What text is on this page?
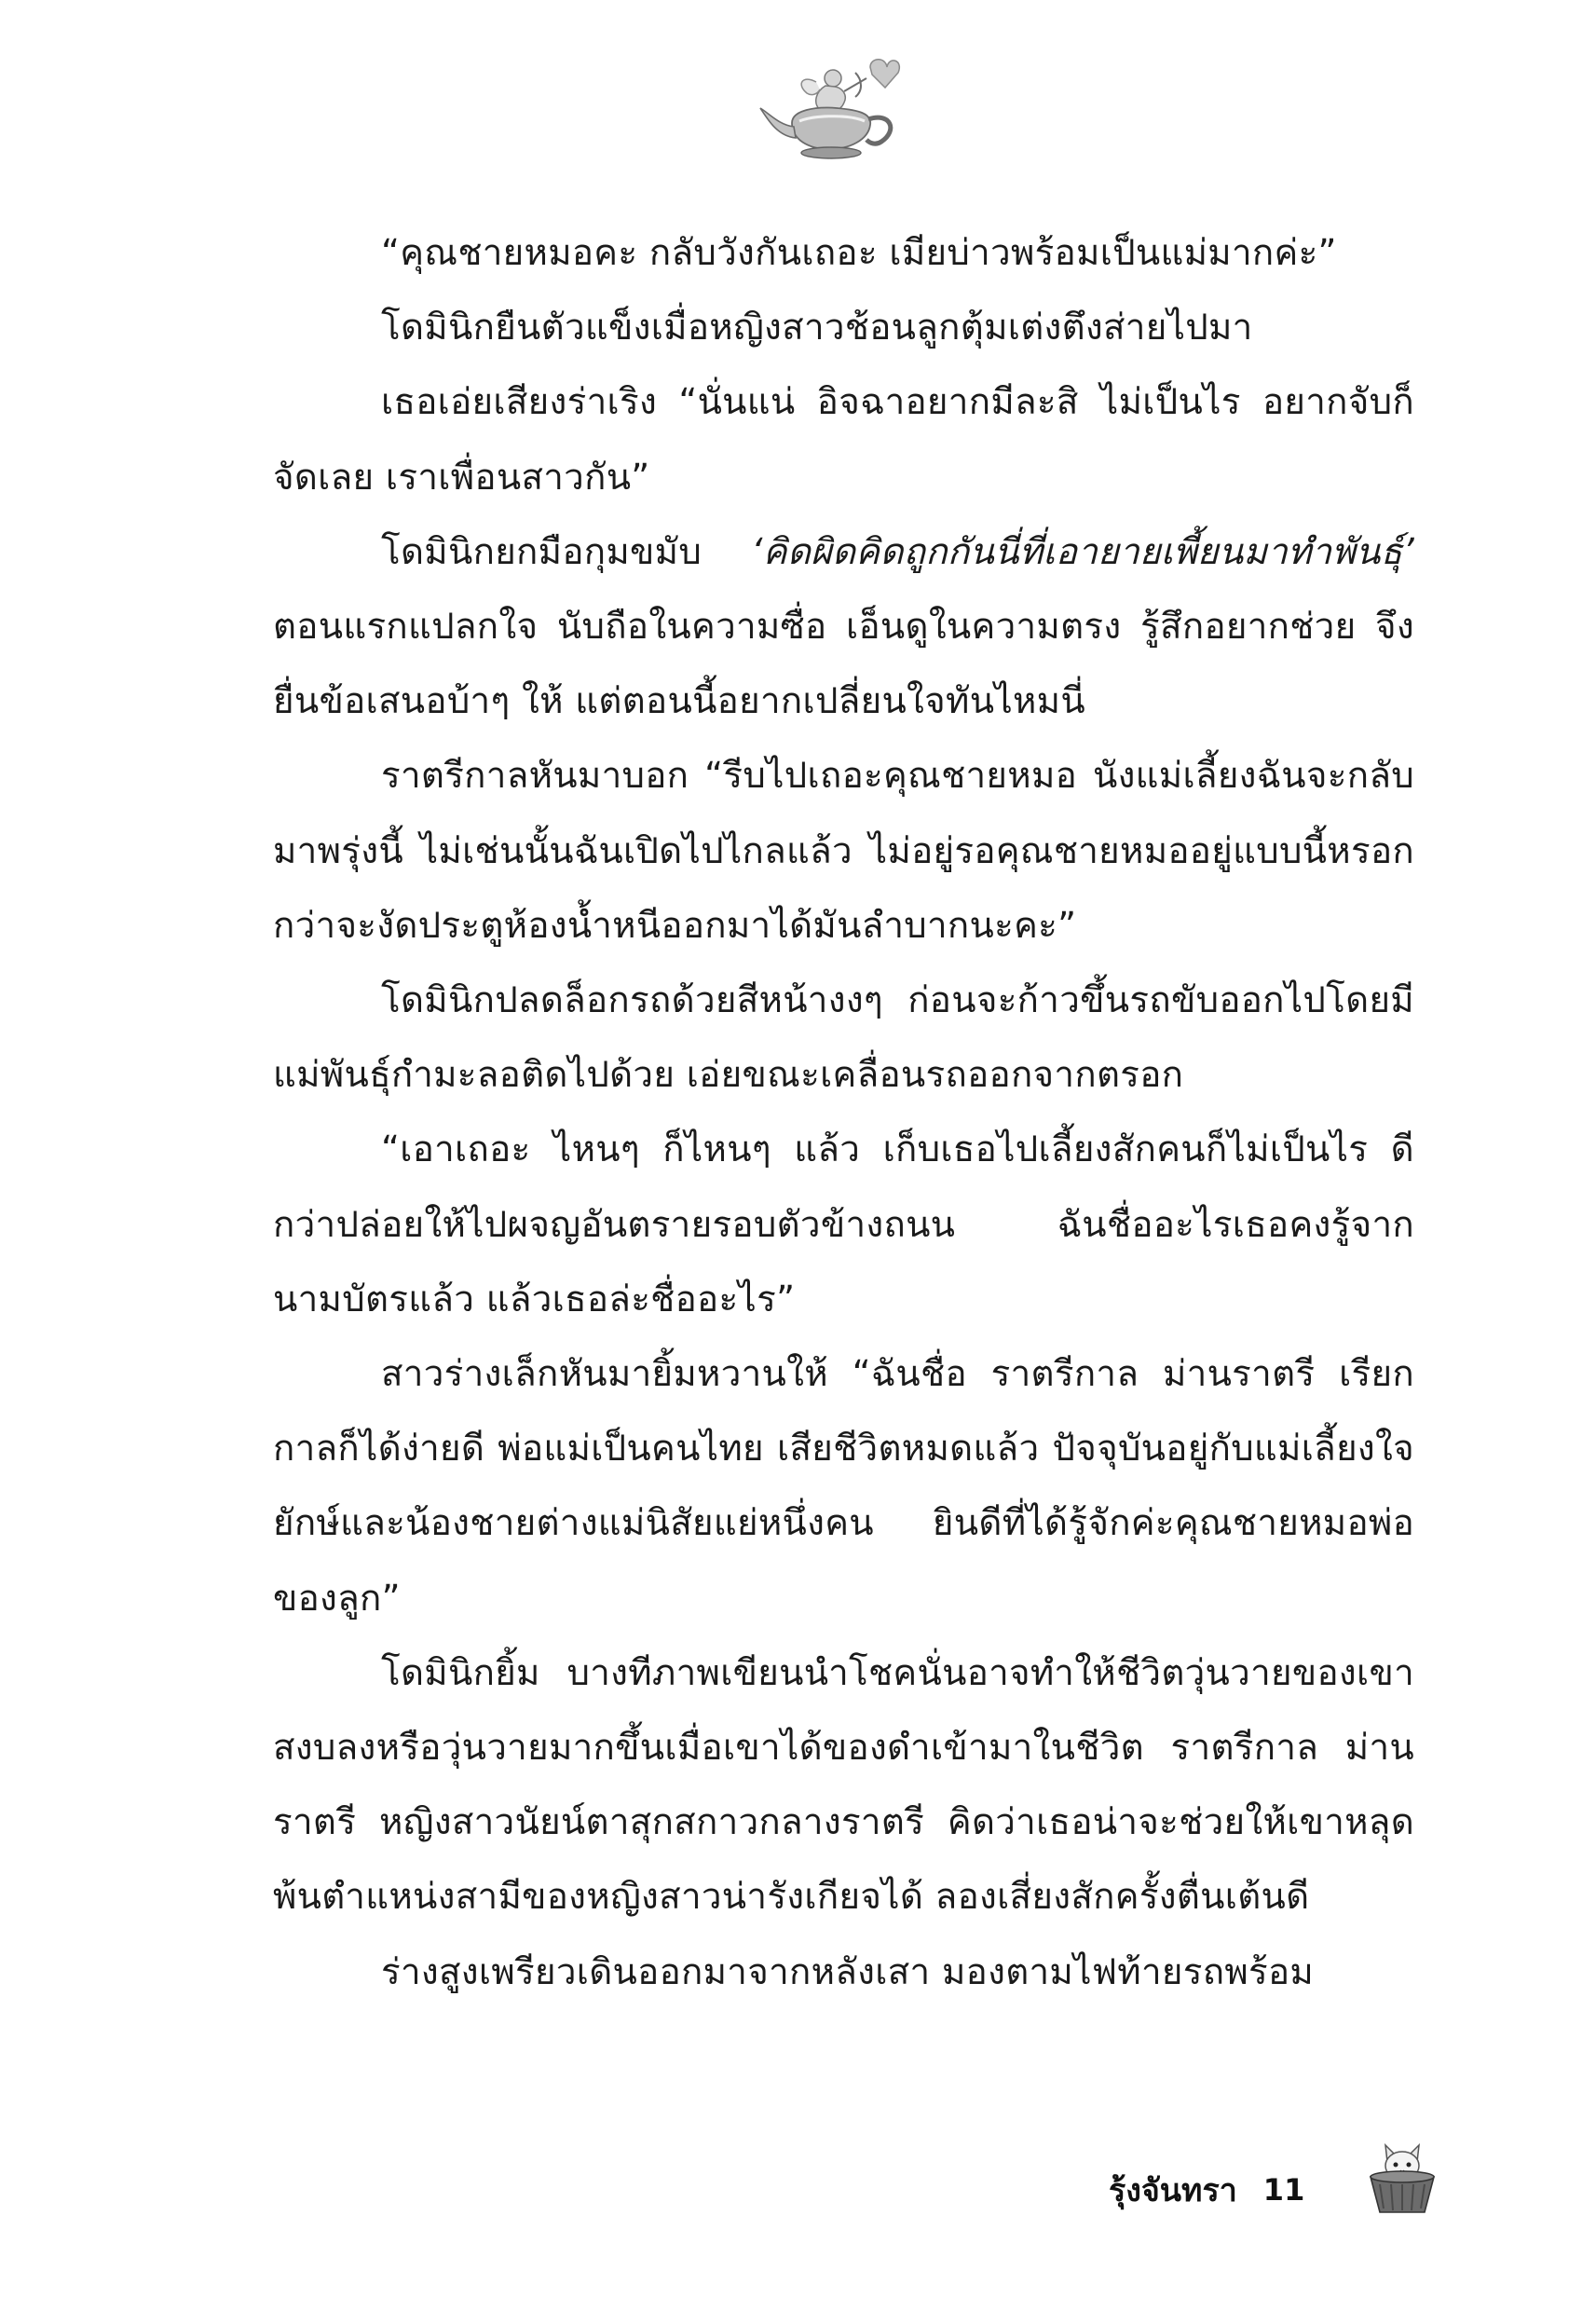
“คุณชายหมอคะ กลับวังกันเถอะ เมียบ่าวพร้อมเป็นแม่มากค่ะ”

โดมินิกยืนตัวแข็งเมื่อหญิงสาวช้อนลูกตุ้มเต่งตึงส่ายไปมา

เธอเอ่ยเสียงร่าเริง “นั่นแน่ อิจฉาอยากมีละสิ ไม่เป็นไร อยากจับก็จัดเลย เราเพื่อนสาวกัน”

โดมินิกยกมือกุมขมับ ‘คิดผิดคิดถูกกันนี่ที่เอายายเพี้ยนมาทำพันธุ์’ ตอนแรกแปลกใจ นับถือในความซื่อ เอ็นดูในความตรง รู้สึกอยากช่วย จึงยื่นข้อเสนอบ้าๆ ให้ แต่ตอนนี้อยากเปลี่ยนใจทันไหมนี่

ราตรีกาลหันมาบอก “รีบไปเถอะคุณชายหมอ นังแม่เลี้ยงฉันจะกลับมาพรุ่งนี้ ไม่เช่นนั้นฉันเปิดไปไกลแล้ว ไม่อยู่รอคุณชายหมออยู่แบบนี้หรอก กว่าจะงัดประตูห้องน้ำหนีออกมาได้มันลำบากนะคะ”

โดมินิกปลดล็อกรถด้วยสีหน้างงๆ ก่อนจะก้าวขึ้นรถขับออกไปโดยมีแม่พันธุ์กำมะลอติดไปด้วย เอ่ยขณะเคลื่อนรถออกจากตรอก

“เอาเถอะ ไหนๆ ก็ไหนๆ แล้ว เก็บเธอไปเลี้ยงสักคนก็ไม่เป็นไร ดีกว่าปล่อยให้ไปผจญอันตรายรอบตัวข้างถนน ฉันชื่ออะไรเธอคงรู้จากนามบัตรแล้ว แล้วเธอล่ะชื่ออะไร”

สาวร่างเล็กหันมายิ้มหวานให้ “ฉันชื่อ ราตรีกาล ม่านราตรี เรียกกาลก็ได้ง่ายดี พ่อแม่เป็นคนไทย เสียชีวิตหมดแล้ว ปัจจุบันอยู่กับแม่เลี้ยงใจยักษ์และน้องชายต่างแม่นิสัยแย่หนึ่งคน ยินดีที่ได้รู้จักค่ะคุณชายหมอพ่อของลูก”

โดมินิกยิ้ม บางทีภาพเขียนนำโชคนั่นอาจทำให้ชีวิตวุ่นวายของเขาสงบลงหรือวุ่นวายมากขึ้นเมื่อเขาได้ของดำเข้ามาในชีวิต ราตรีกาล ม่านราตรี หญิงสาวนัยน์ตาสุกสกาวกลางราตรี คิดว่าเธอน่าจะช่วยให้เขาหลุดพ้นตำแหน่งสามีของหญิงสาวน่ารังเกียจได้ ลองเสี่ยงสักครั้งตื่นเต้นดี

ร่างสูงเพรียวเดินออกมาจากหลังเสา มองตามไฟท้ายรถพร้อม

รุ้งจันทรา 11
